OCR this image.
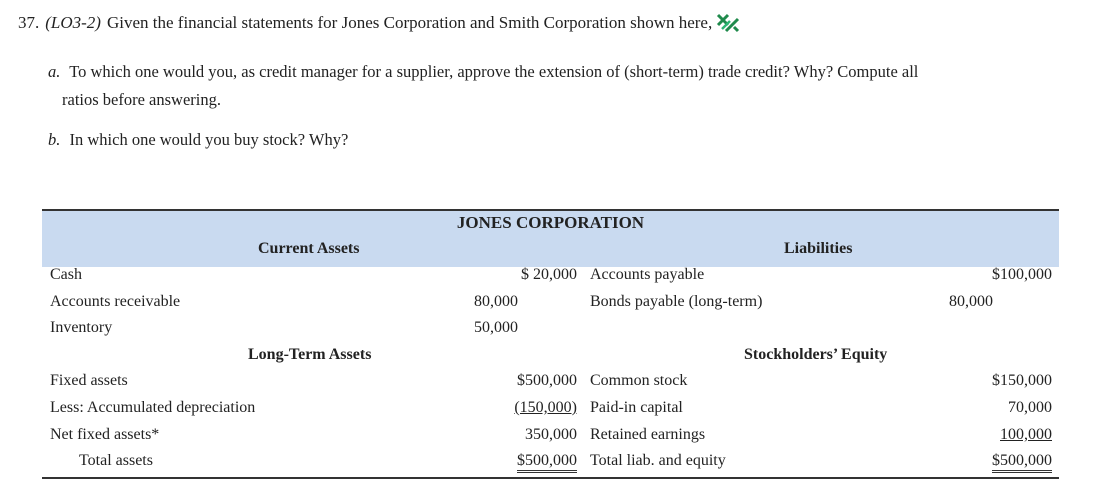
37. (LO3-2) Given the financial statements for Jones Corporation and Smith Corporation shown here,
a. To which one would you, as credit manager for a supplier, approve the extension of (short-term) trade credit? Why? Compute all
ratios before answering.
b. In which one would you buy stock? Why?
JONES CORPORATION
Current Assets	Liabilities
Cash
Accounts receivable
Inventory
$ 20,000
80,000
50,000
Accounts payable
Bonds payable (long-term)
$100,000
80,000
Long-Term Assets	Stockholders’ Equity
Fixed assets
Less: Accumulated depreciation
Net fixed assets*
Total assets
$500,000
(150,000)
350,000
$500,000
Common stock
Paid-in capital
Retained earnings
Total liab. and equity
$150,000
70,000
100,000
$500,000
